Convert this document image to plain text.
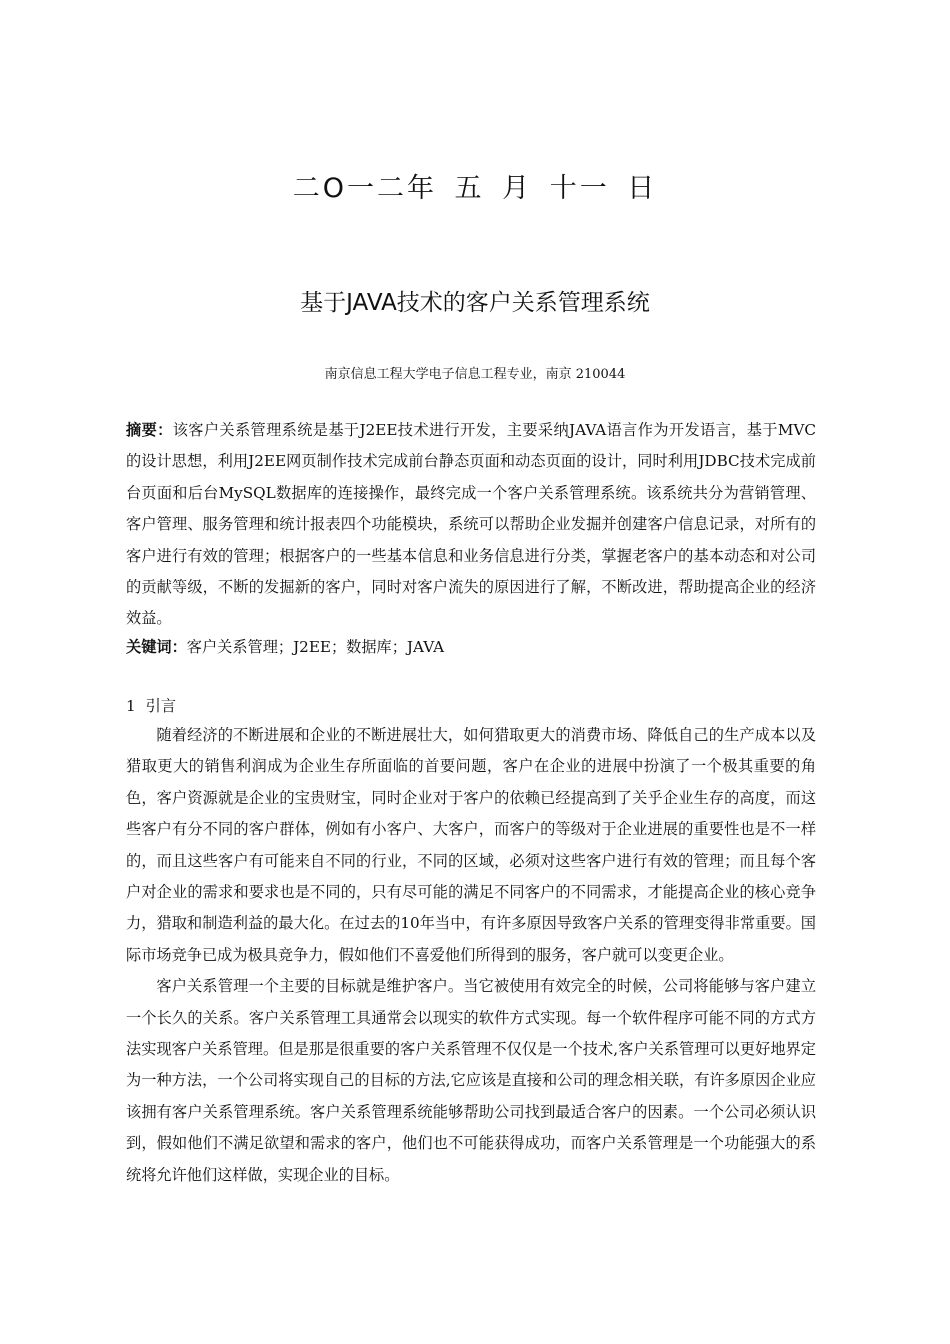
二O一二年 五 月 十一 日
基于JAVA技术的客户关系管理系统
南京信息工程大学电子信息工程专业，南京 210044
摘要：该客户关系管理系统是基于J2EE技术进行开发，主要采纳JAVA语言作为开发语言，基于MVC的设计思想，利用J2EE网页制作技术完成前台静态页面和动态页面的设计，同时利用JDBC技术完成前台页面和后台MySQL数据库的连接操作，最终完成一个客户关系管理系统。该系统共分为营销管理、客户管理、服务管理和统计报表四个功能模块，系统可以帮助企业发掘并创建客户信息记录，对所有的客户进行有效的管理；根据客户的一些基本信息和业务信息进行分类，掌握老客户的基本动态和对公司的贡献等级，不断的发掘新的客户，同时对客户流失的原因进行了解，不断改进，帮助提高企业的经济效益。
关键词：客户关系管理；J2EE；数据库；JAVA
1 引言

随着经济的不断进展和企业的不断进展壮大，如何猎取更大的消费市场、降低自己的生产成本以及猎取更大的销售利润成为企业生存所面临的首要问题，客户在企业的进展中扮演了一个极其重要的角色，客户资源就是企业的宝贵财宝，同时企业对于客户的依赖已经提高到了关乎企业生存的高度，而这些客户有分不同的客户群体，例如有小客户、大客户，而客户的等级对于企业进展的重要性也是不一样的，而且这些客户有可能来自不同的行业，不同的区域，必须对这些客户进行有效的管理；而且每个客户对企业的需求和要求也是不同的，只有尽可能的满足不同客户的不同需求，才能提高企业的核心竞争力，猎取和制造利益的最大化。在过去的10年当中，有许多原因导致客户关系的管理变得非常重要。国际市场竞争已成为极具竞争力，假如他们不喜爱他们所得到的服务，客户就可以变更企业。

客户关系管理一个主要的目标就是维护客户。当它被使用有效完全的时候，公司将能够与客户建立一个长久的关系。客户关系管理工具通常会以现实的软件方式实现。每一个软件程序可能不同的方式方法实现客户关系管理。但是那是很重要的客户关系管理不仅仅是一个技术,客户关系管理可以更好地界定为一种方法，一个公司将实现自己的目标的方法,它应该是直接和公司的理念相关联，有许多原因企业应该拥有客户关系管理系统。客户关系管理系统能够帮助公司找到最适合客户的因素。一个公司必须认识到，假如他们不满足欲望和需求的客户，他们也不可能获得成功，而客户关系管理是一个功能强大的系统将允许他们这样做，实现企业的目标。
